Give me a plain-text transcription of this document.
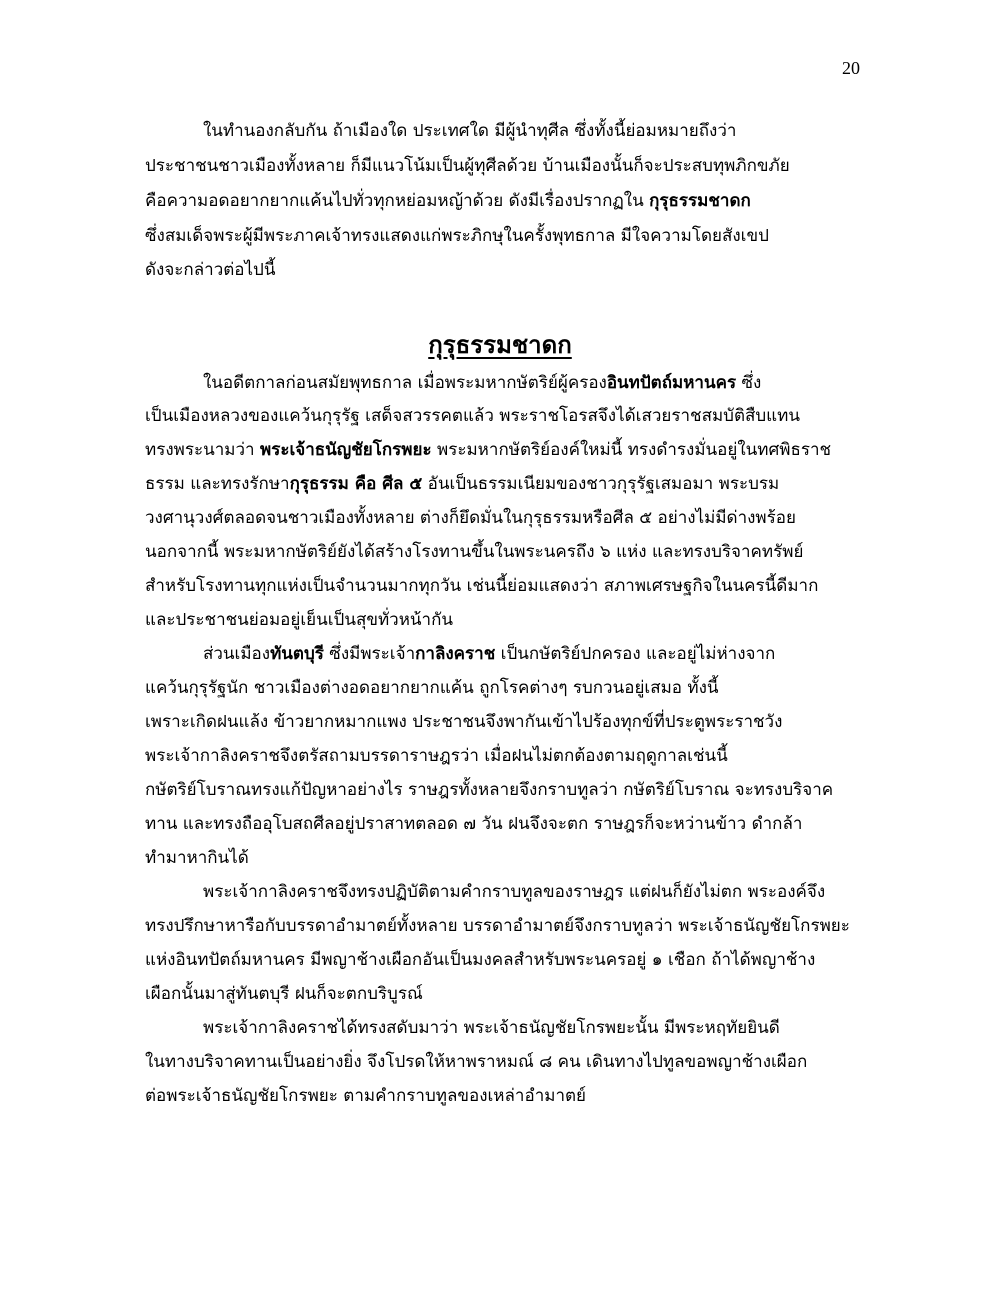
20
ในทำนองกลับกัน ถ้าเมืองใด ประเทศใด มีผู้นำทุศีล ซึ่งทั้งนี้ย่อมหมายถึงว่า
ประชาชนชาวเมืองทั้งหลาย ก็มีแนวโน้มเป็นผู้ทุศีลด้วย บ้านเมืองนั้นก็จะประสบทุพภิกขภัย
คือความอดอยากยากแค้นไปทั่วทุกหย่อมหญ้าด้วย ดังมีเรื่องปรากฏใน กุรุธรรมชาดก
ซึ่งสมเด็จพระผู้มีพระภาคเจ้าทรงแสดงแก่พระภิกษุในครั้งพุทธกาล มีใจความโดยสังเขป
ดังจะกล่าวต่อไปนี้
กุรุธรรมชาดก
ในอดีตกาลก่อนสมัยพุทธกาล เมื่อพระมหากษัตริย์ผู้ครองอินทปัตถ์มหานคร ซึ่ง
เป็นเมืองหลวงของแคว้นกุรุรัฐ เสด็จสวรรคตแล้ว พระราชโอรสจึงได้เสวยราชสมบัติสืบแทน
ทรงพระนามว่า พระเจ้าธนัญชัยโกรพยะ พระมหากษัตริย์องค์ใหม่นี้ ทรงดำรงมั่นอยู่ในทศพิธราช
ธรรม และทรงรักษากุรุธรรม คือ ศีล ๕ อันเป็นธรรมเนียมของชาวกุรุรัฐเสมอมา พระบรม
วงศานุวงศ์ตลอดจนชาวเมืองทั้งหลาย ต่างก็ยึดมั่นในกุรุธรรมหรือศีล ๕ อย่างไม่มีด่างพร้อย
นอกจากนี้ พระมหากษัตริย์ยังได้สร้างโรงทานขึ้นในพระนครถึง ๖ แห่ง และทรงบริจาคทรัพย์
สำหรับโรงทานทุกแห่งเป็นจำนวนมากทุกวัน เช่นนี้ย่อมแสดงว่า สภาพเศรษฐกิจในนครนี้ดีมาก
และประชาชนย่อมอยู่เย็นเป็นสุขทั่วหน้ากัน
ส่วนเมืองทันตบุรี ซึ่งมีพระเจ้ากาลิงคราช เป็นกษัตริย์ปกครอง และอยู่ไม่ห่างจาก
แคว้นกุรุรัฐนัก ชาวเมืองต่างอดอยากยากแค้น ถูกโรคต่างๆ รบกวนอยู่เสมอ ทั้งนี้
เพราะเกิดฝนแล้ง ข้าวยากหมากแพง ประชาชนจึงพากันเข้าไปร้องทุกข์ที่ประตูพระราชวัง
พระเจ้ากาลิงคราชจึงตรัสถามบรรดาราษฎรว่า เมื่อฝนไม่ตกต้องตามฤดูกาลเช่นนี้
กษัตริย์โบราณทรงแก้ปัญหาอย่างไร ราษฎรทั้งหลายจึงกราบทูลว่า กษัตริย์โบราณ จะทรงบริจาค
ทาน และทรงถืออุโบสถศีลอยู่ปราสาทตลอด ๗ วัน ฝนจึงจะตก ราษฎรก็จะหว่านข้าว ดำกล้า
ทำมาหากินได้
พระเจ้ากาลิงคราชจึงทรงปฏิบัติตามคำกราบทูลของราษฎร แต่ฝนก็ยังไม่ตก พระองค์จึง
ทรงปรึกษาหารือกับบรรดาอำมาตย์ทั้งหลาย บรรดาอำมาตย์จึงกราบทูลว่า พระเจ้าธนัญชัยโกรพยะ
แห่งอินทปัตถ์มหานคร มีพญาช้างเผือกอันเป็นมงคลสำหรับพระนครอยู่ ๑ เชือก ถ้าได้พญาช้าง
เผือกนั้นมาสู่ทันตบุรี ฝนก็จะตกบริบูรณ์
พระเจ้ากาลิงคราชได้ทรงสดับมาว่า พระเจ้าธนัญชัยโกรพยะนั้น มีพระหฤทัยยินดี
ในทางบริจาคทานเป็นอย่างยิ่ง จึงโปรดให้หาพราหมณ์ ๘ คน เดินทางไปทูลขอพญาช้างเผือก
ต่อพระเจ้าธนัญชัยโกรพยะ ตามคำกราบทูลของเหล่าอำมาตย์
